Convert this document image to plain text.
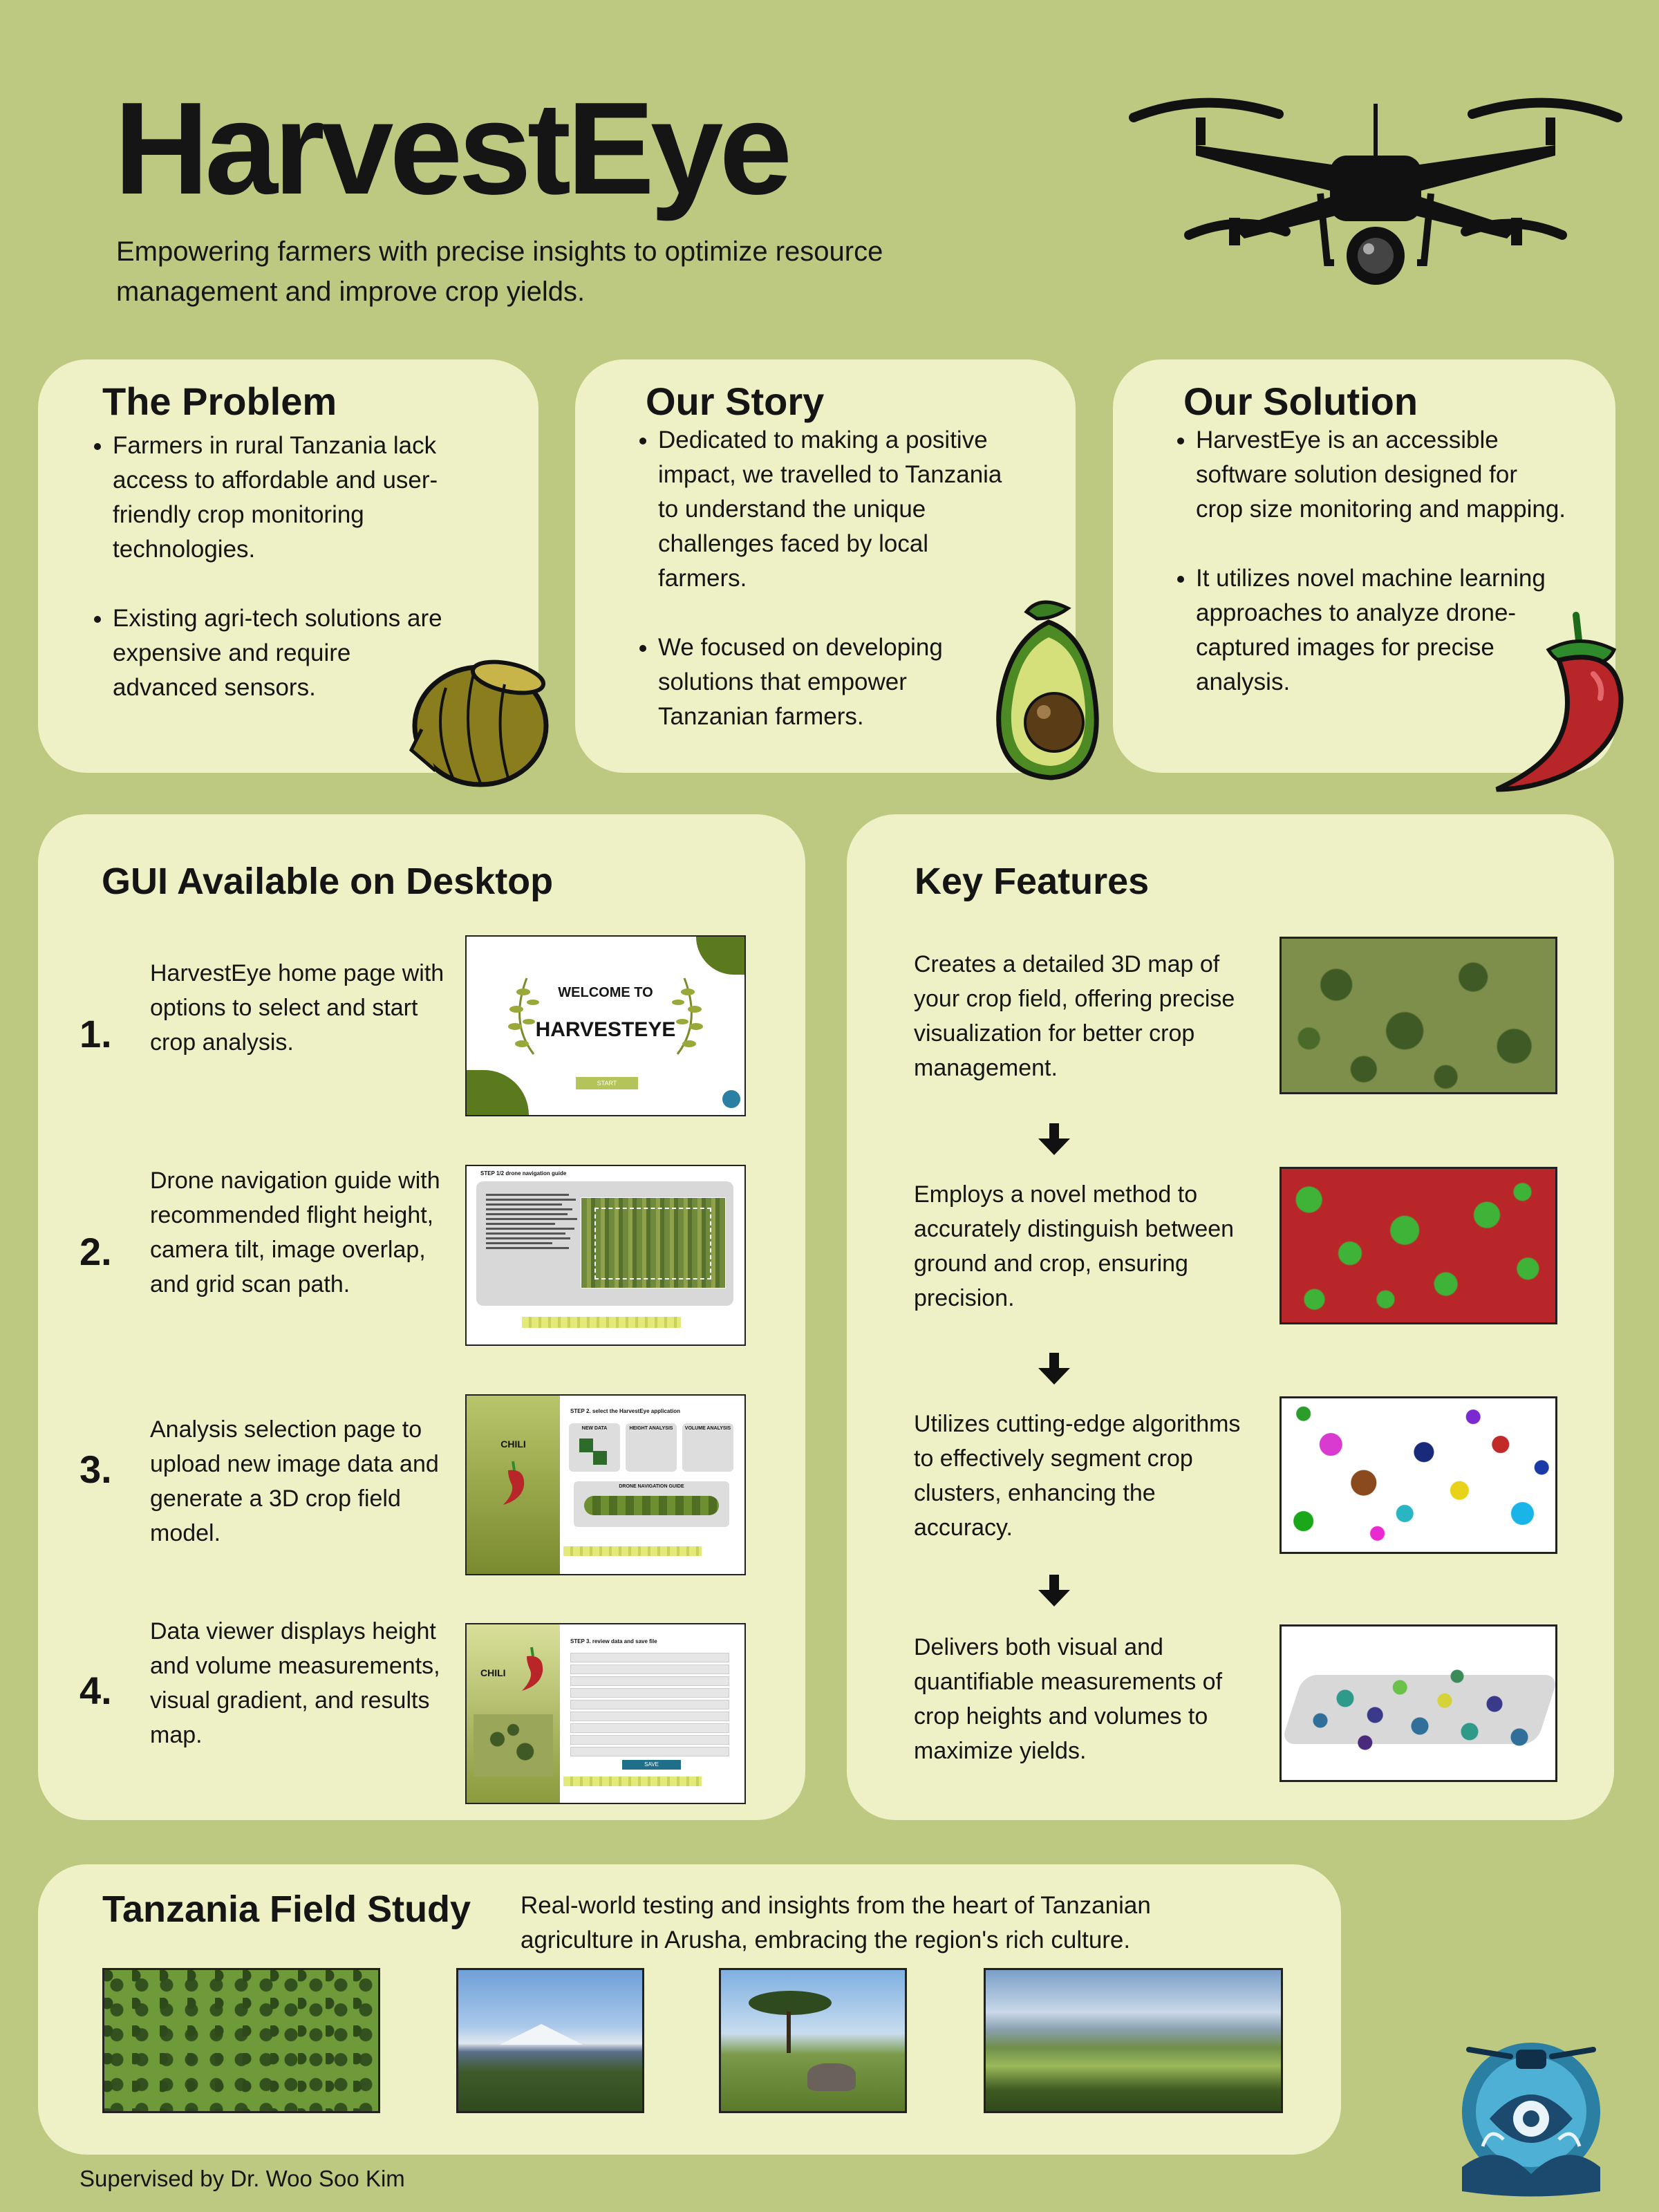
HarvestEye
Empowering farmers with precise insights to optimize resource management and improve crop yields.
The Problem
• Farmers in rural Tanzania lack access to affordable and user-friendly crop monitoring technologies.
• Existing agri-tech solutions are expensive and require advanced sensors.
Our Story
• Dedicated to making a positive impact, we travelled to Tanzania to understand the unique challenges faced by local farmers.
• We focused on developing solutions that empower Tanzanian farmers.
Our Solution
• HarvestEye is an accessible software solution designed for crop size monitoring and mapping.
• It utilizes novel machine learning approaches to analyze drone-captured images for precise analysis.
GUI Available on Desktop
1.
HarvestEye home page with options to select and start crop analysis.
2.
Drone navigation guide with recommended flight height, camera tilt, image overlap, and grid scan path.
3.
Analysis selection page to upload new image data and generate a 3D crop field model.
4.
Data viewer displays height and volume measurements, visual gradient, and results map.
WELCOME TO
HARVESTEYE
START
STEP 1/2 drone navigation guide
CHILI
STEP 2. select the HarvestEye application
NEW DATA	HEIGHT ANALYSIS	VOLUME ANALYSIS
DRONE NAVIGATION GUIDE
CHILI
STEP 3. review data and save file
SAVE
Key Features
Creates a detailed 3D map of your crop field, offering precise visualization for better crop management.
Employs a novel method to accurately distinguish between ground and crop, ensuring precision.
Utilizes cutting-edge algorithms to effectively segment crop clusters, enhancing the accuracy.
Delivers both visual and quantifiable measurements of crop heights and volumes to maximize yields.
Tanzania Field Study Real-world testing and insights from the heart of Tanzanian agriculture in Arusha, embracing the region's rich culture.
Supervised by Dr. Woo Soo Kim
